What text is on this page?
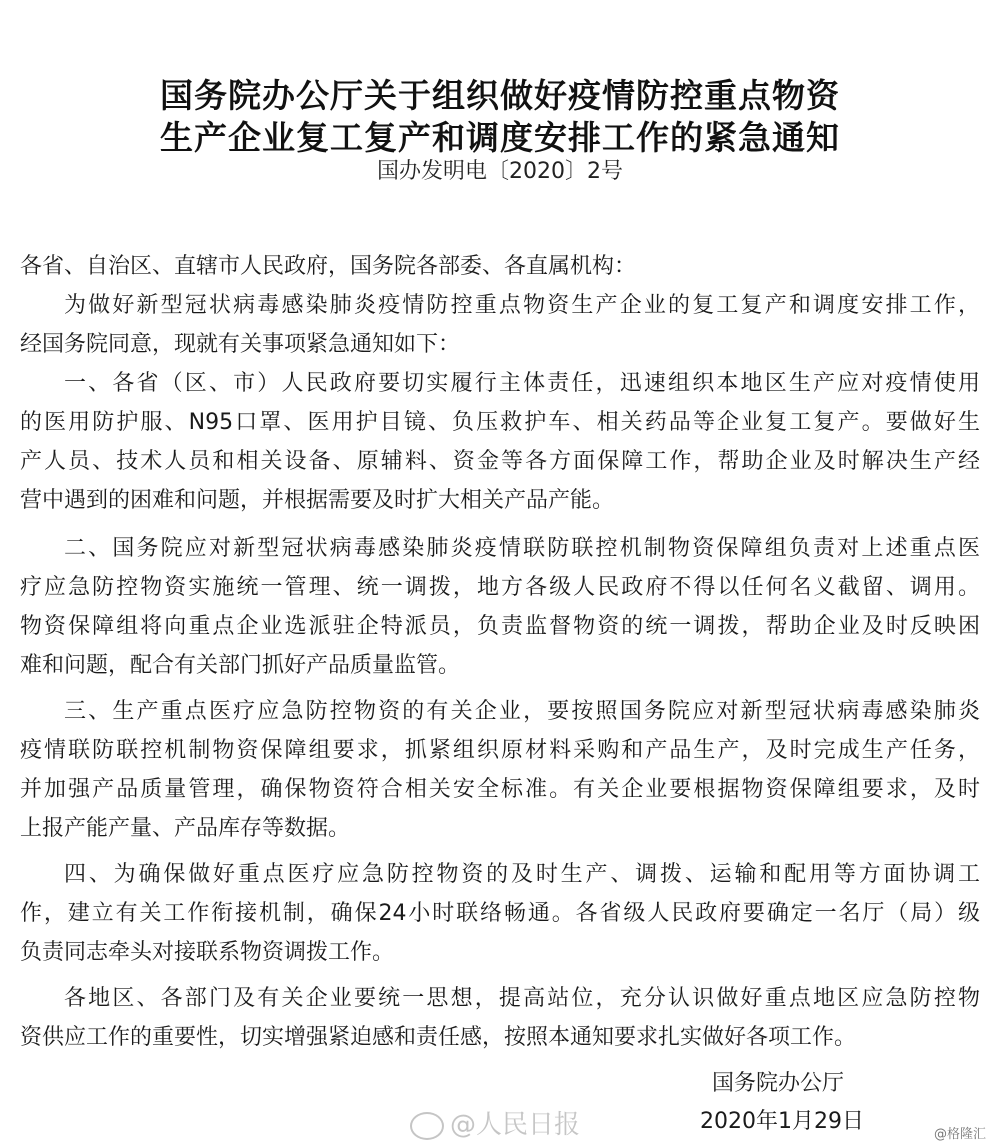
国务院办公厅关于组织做好疫情防控重点物资
生产企业复工复产和调度安排工作的紧急通知
国办发明电〔2020〕2号
各省、自治区、直辖市人民政府，国务院各部委、各直属机构：
为做好新型冠状病毒感染肺炎疫情防控重点物资生产企业的复工复产和调度安排工作，
经国务院同意，现就有关事项紧急通知如下：
一、各省（区、市）人民政府要切实履行主体责任，迅速组织本地区生产应对疫情使用
的医用防护服、N95口罩、医用护目镜、负压救护车、相关药品等企业复工复产。要做好生
产人员、技术人员和相关设备、原辅料、资金等各方面保障工作，帮助企业及时解决生产经
营中遇到的困难和问题，并根据需要及时扩大相关产品产能。
二、国务院应对新型冠状病毒感染肺炎疫情联防联控机制物资保障组负责对上述重点医
疗应急防控物资实施统一管理、统一调拨，地方各级人民政府不得以任何名义截留、调用。
物资保障组将向重点企业选派驻企特派员，负责监督物资的统一调拨，帮助企业及时反映困
难和问题，配合有关部门抓好产品质量监管。
三、生产重点医疗应急防控物资的有关企业，要按照国务院应对新型冠状病毒感染肺炎
疫情联防联控机制物资保障组要求，抓紧组织原材料采购和产品生产，及时完成生产任务，
并加强产品质量管理，确保物资符合相关安全标准。有关企业要根据物资保障组要求，及时
上报产能产量、产品库存等数据。
四、为确保做好重点医疗应急防控物资的及时生产、调拨、运输和配用等方面协调工
作，建立有关工作衔接机制，确保24小时联络畅通。各省级人民政府要确定一名厅（局）级
负责同志牵头对接联系物资调拨工作。
各地区、各部门及有关企业要统一思想，提高站位，充分认识做好重点地区应急防控物
资供应工作的重要性，切实增强紧迫感和责任感，按照本通知要求扎实做好各项工作。
国务院办公厅
@人民日报	2020年1月29日
@格隆汇
